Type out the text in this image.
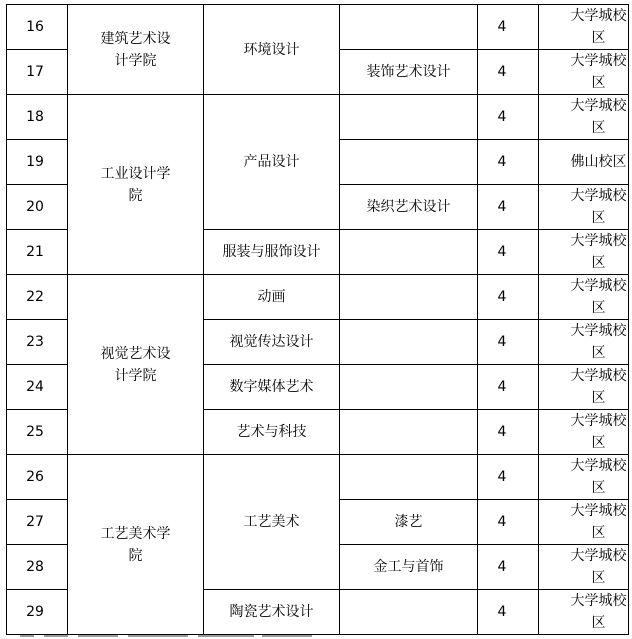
16	建筑艺术设计学院	环境设计		4	大学城校区
17			装饰艺术设计	4	大学城校区
18	工业设计学院	产品设计		4	大学城校区
19				4	佛山校区
20			染织艺术设计	4	大学城校区
21		服装与服饰设计		4	大学城校区
22	视觉艺术设计学院	动画		4	大学城校区
23		视觉传达设计		4	大学城校区
24		数字媒体艺术		4	大学城校区
25		艺术与科技		4	大学城校区
26	工艺美术学院	工艺美术		4	大学城校区
27			漆艺	4	大学城校区
28			金工与首饰	4	大学城校区
29		陶瓷艺术设计		4	大学城校区
